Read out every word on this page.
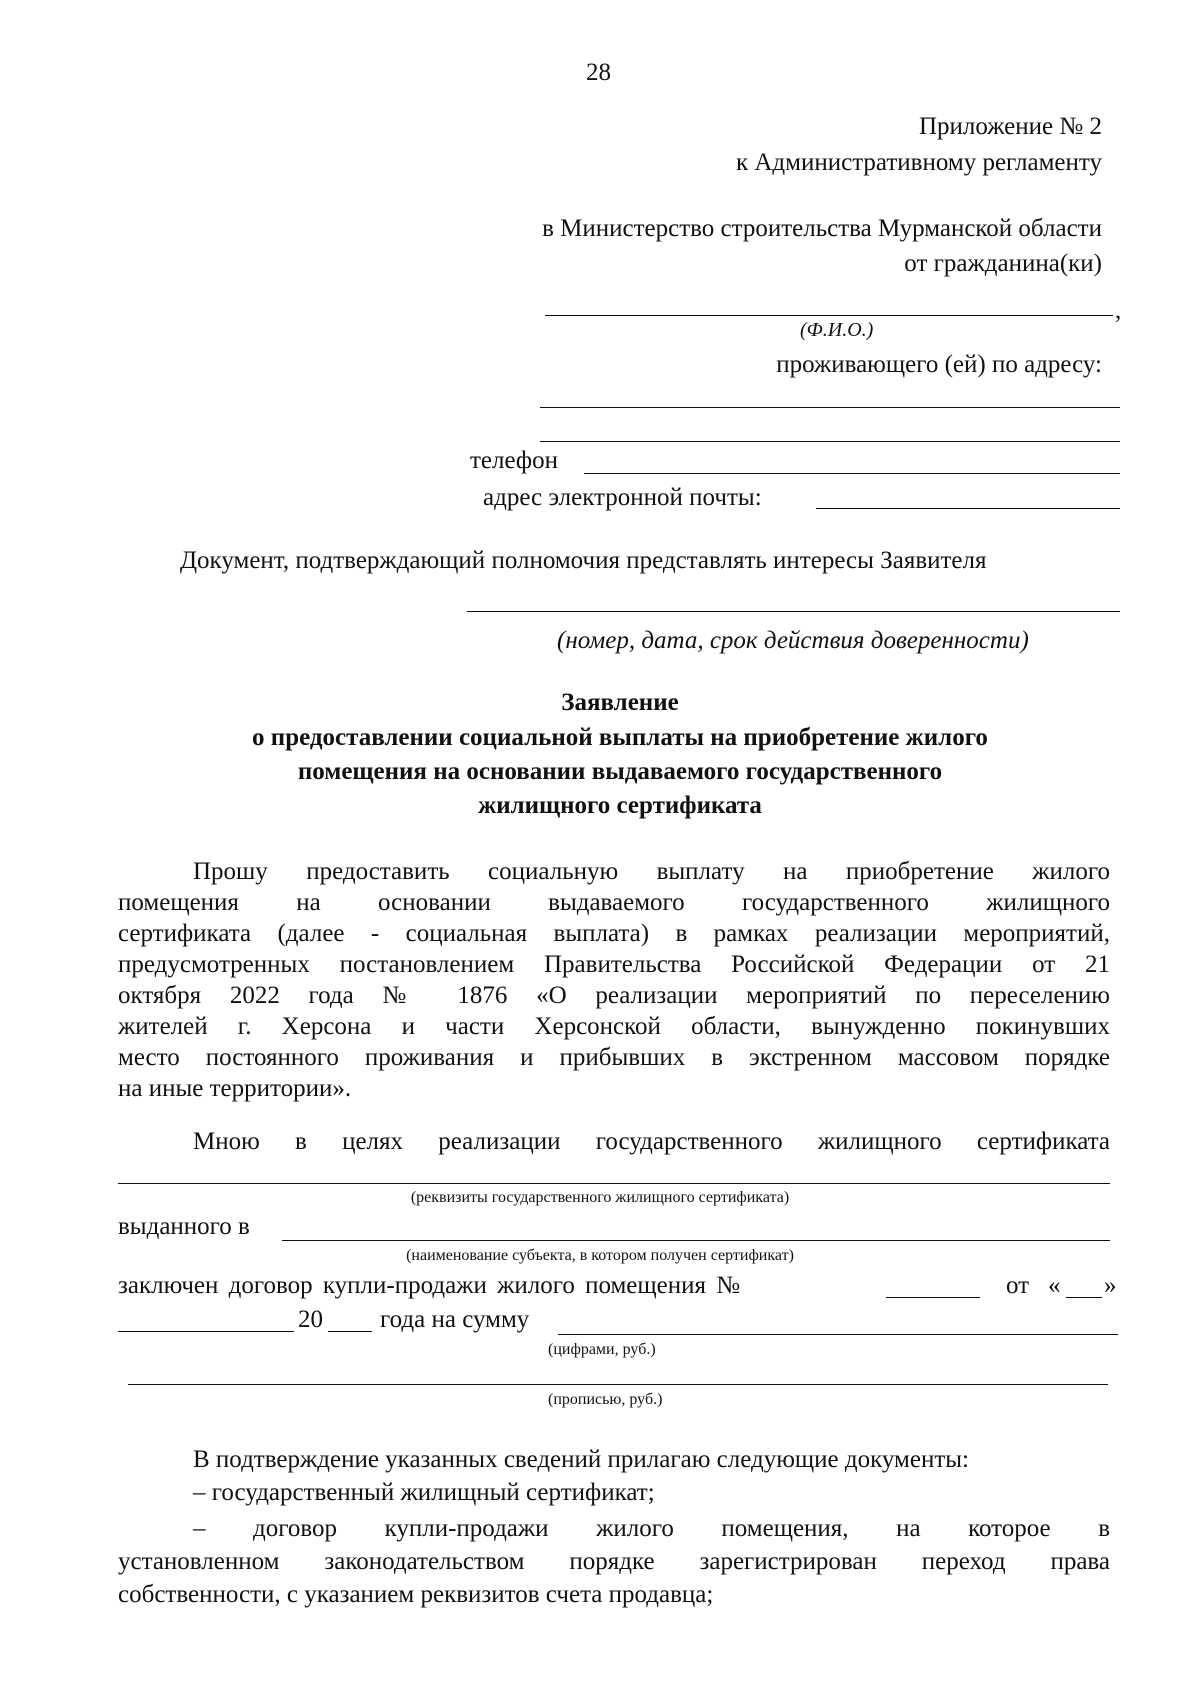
28
Приложение № 2
к Административному регламенту
в Министерство строительства Мурманской области
от гражданина(ки)
,
(Ф.И.О.)
проживающего (ей) по адресу:
телефон
адрес электронной почты:
Документ, подтверждающий полномочия представлять интересы Заявителя
(номер, дата, срок действия доверенности)
Заявление
о предоставлении социальной выплаты на приобретение жилого
помещения на основании выдаваемого государственного
жилищного сертификата
Прошу предоставить социальную выплату на приобретение жилого
помещения на основании выдаваемого государственного жилищного
сертификата (далее - социальная выплата) в рамках реализации мероприятий,
предусмотренных постановлением Правительства Российской Федерации от 21
октября 2022 года № 1876 «О реализации мероприятий по переселению
жителей г. Херсона и части Херсонской области, вынужденно покинувших
место постоянного проживания и прибывших в экстренном массовом порядке
на иные территории».
Мною в целях реализации государственного жилищного сертификата
(реквизиты государственного жилищного сертификата)
выданного в
(наименование субъекта, в котором получен сертификат)
заключен договор купли-продажи жилого помещения №	от « »
20 года на сумму
(цифрами, руб.)
(прописью, руб.)
В подтверждение указанных сведений прилагаю следующие документы:
– государственный жилищный сертификат;
– договор купли-продажи жилого помещения, на которое в
установленном законодательством порядке зарегистрирован переход права
собственности, с указанием реквизитов счета продавца;
